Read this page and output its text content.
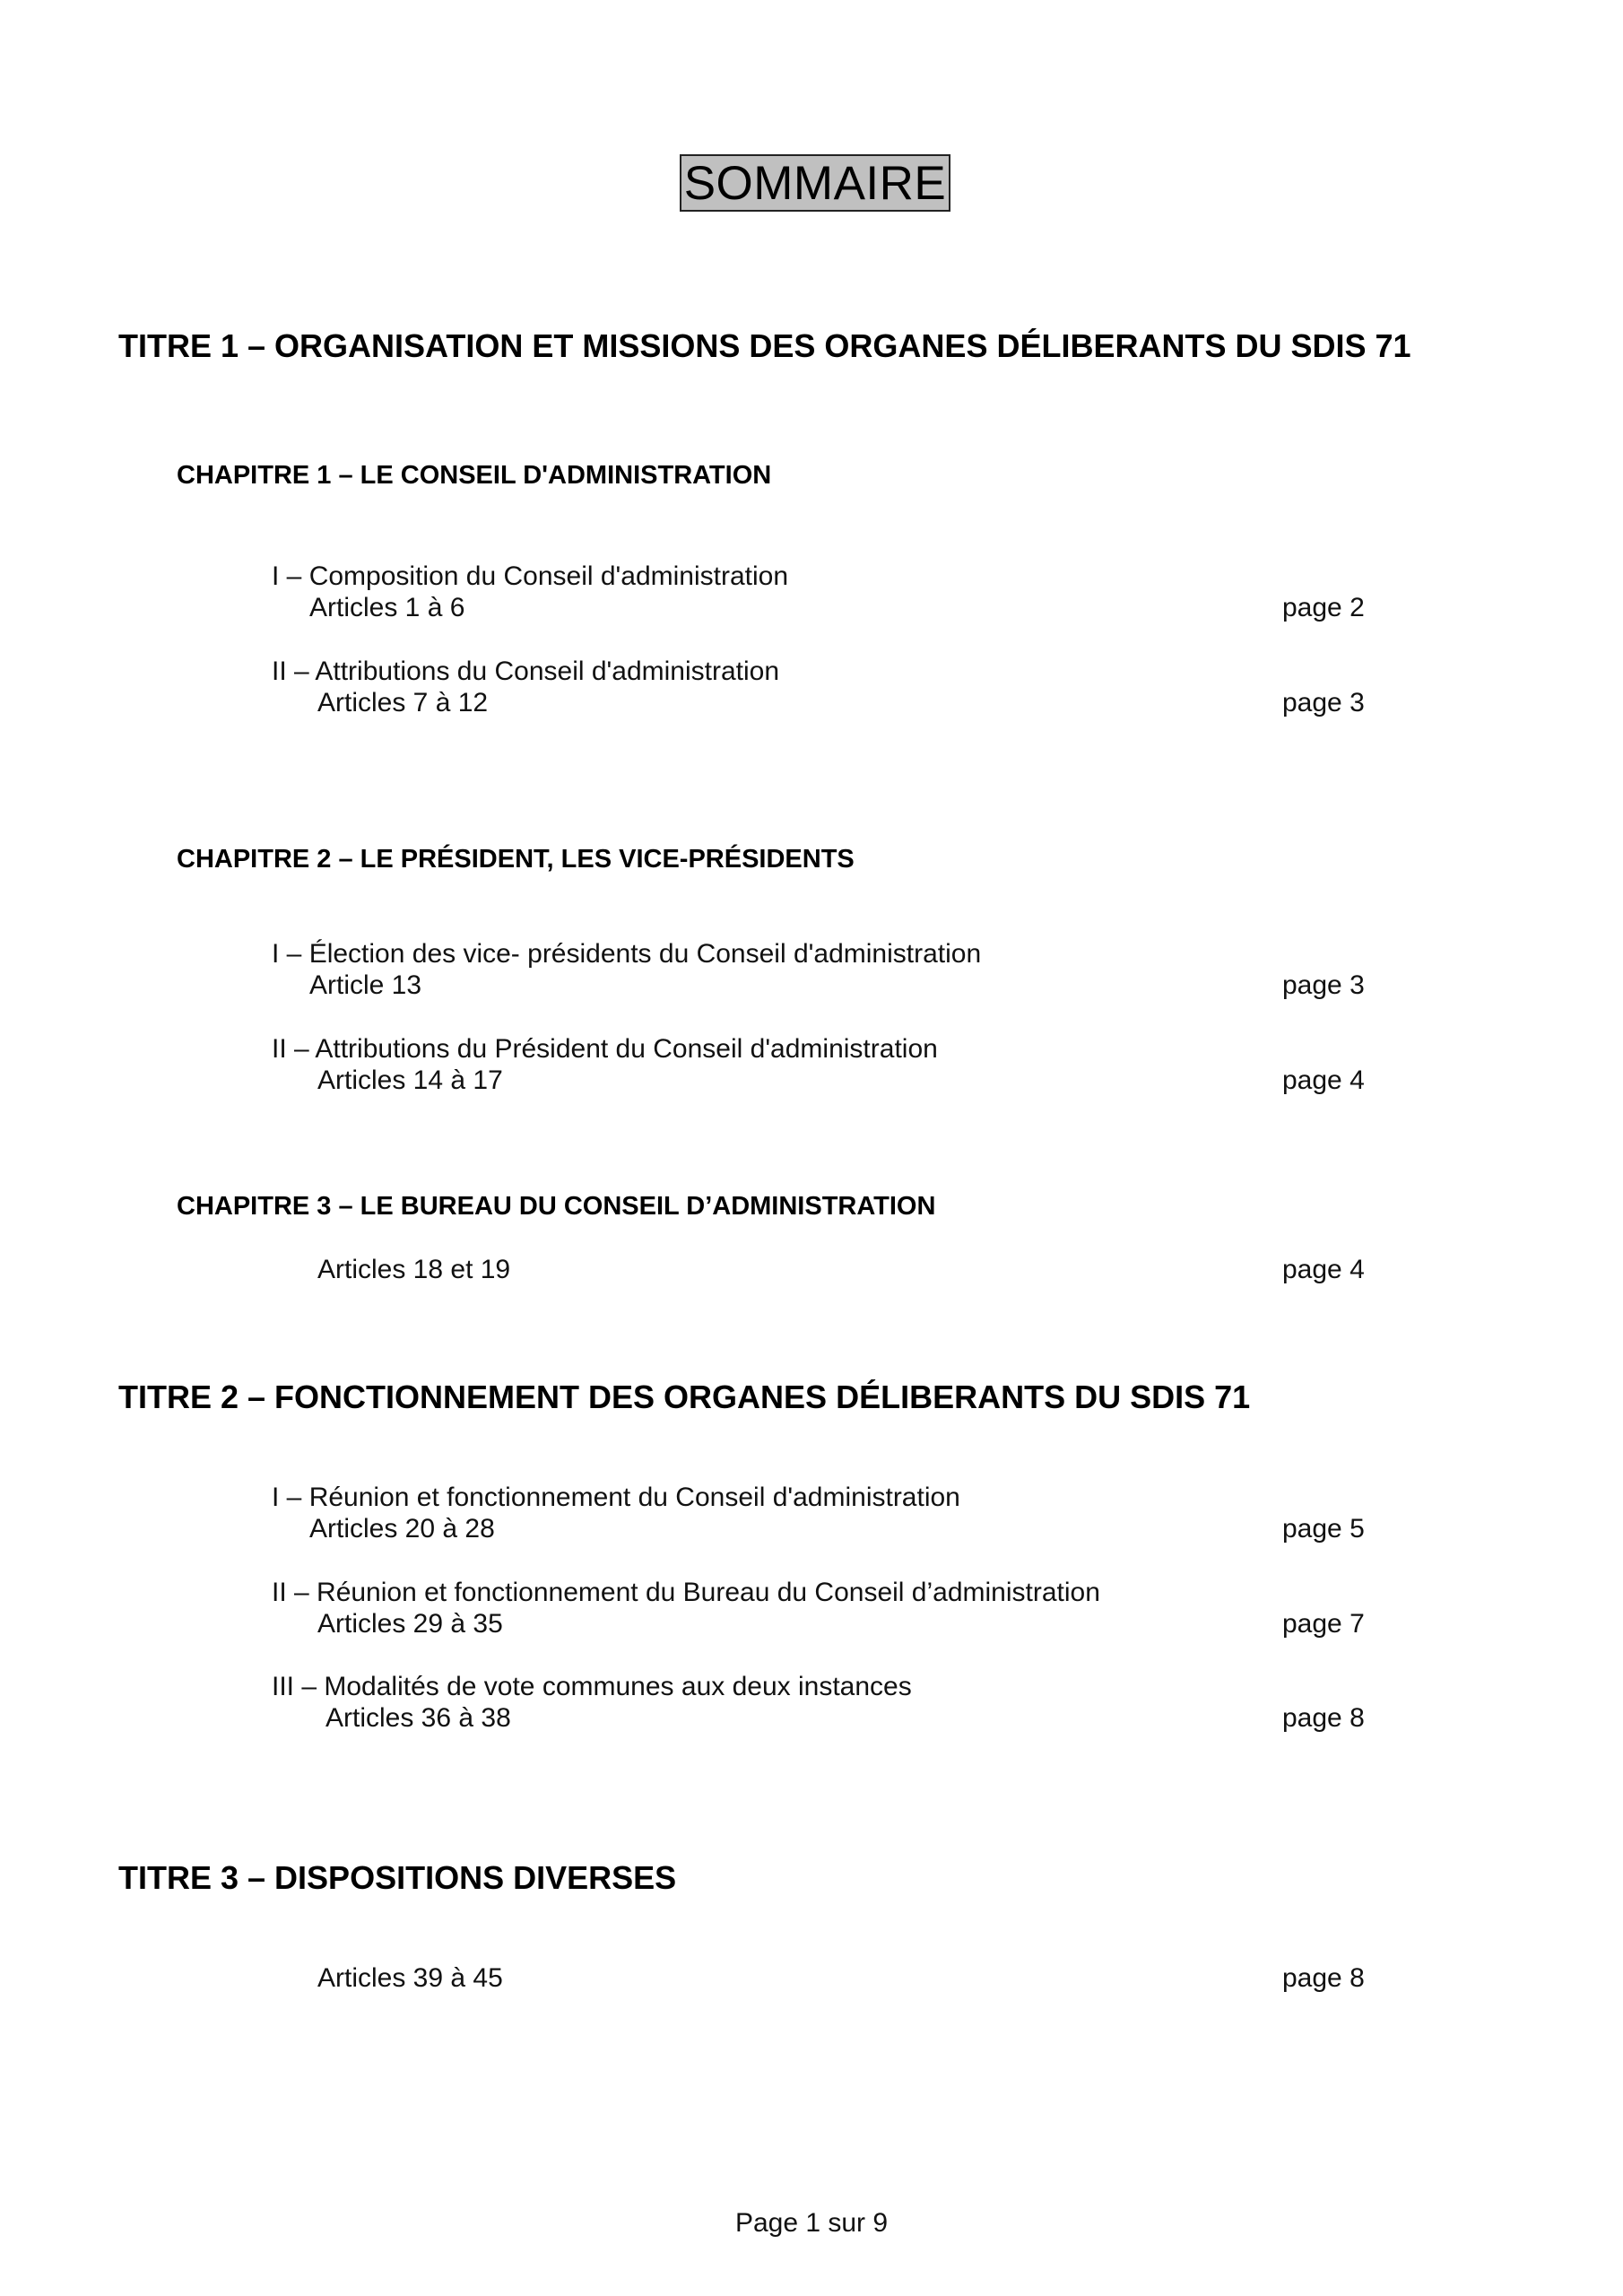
SOMMAIRE
TITRE 1 – ORGANISATION ET MISSIONS DES ORGANES DÉLIBERANTS DU SDIS 71
CHAPITRE 1 – LE CONSEIL D'ADMINISTRATION
I – Composition du Conseil d'administration
Articles 1 à 6	page 2
II – Attributions du Conseil d'administration
Articles 7 à 12	page 3
CHAPITRE 2 – LE PRÉSIDENT, LES VICE-PRÉSIDENTS
I – Élection des vice- présidents du Conseil d'administration
Article 13	page 3
II – Attributions du Président du Conseil d'administration
Articles 14 à 17	page 4
CHAPITRE 3 – LE BUREAU DU CONSEIL D’ADMINISTRATION
Articles 18 et 19	page 4
TITRE 2 – FONCTIONNEMENT DES ORGANES DÉLIBERANTS DU SDIS 71
I – Réunion et fonctionnement du Conseil d'administration
Articles 20 à 28	page 5
II – Réunion et fonctionnement du Bureau du Conseil d’administration
Articles 29 à 35	page 7
III – Modalités de vote communes aux deux instances
Articles 36 à 38	page 8
TITRE 3 – DISPOSITIONS DIVERSES
Articles 39 à 45	page 8
Page 1 sur 9
